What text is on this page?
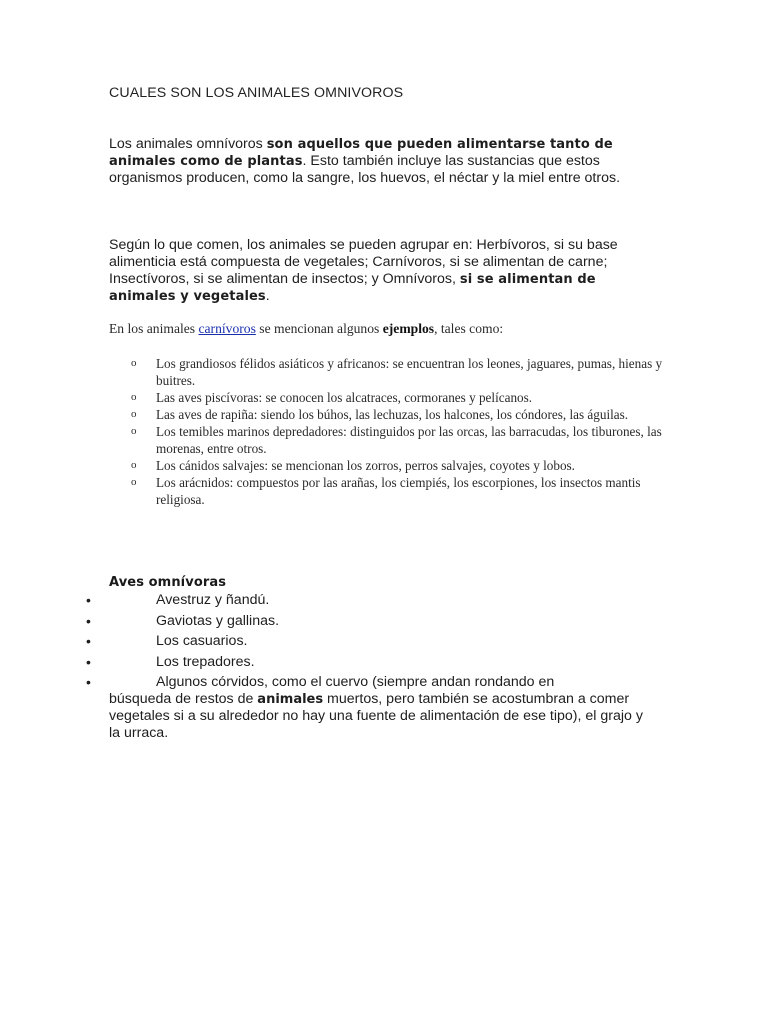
CUALES SON LOS ANIMALES OMNIVOROS
Los animales omnívoros son aquellos que pueden alimentarse tanto de animales como de plantas. Esto también incluye las sustancias que estos organismos producen, como la sangre, los huevos, el néctar y la miel entre otros.
Según lo que comen, los animales se pueden agrupar en: Herbívoros, si su base alimenticia está compuesta de vegetales; Carnívoros, si se alimentan de carne; Insectívoros, si se alimentan de insectos; y Omnívoros, si se alimentan de animales y vegetales.
En los animales carnívoros se mencionan algunos ejemplos, tales como:
o Los grandiosos félidos asiáticos y africanos: se encuentran los leones, jaguares, pumas, hienas y buitres.
o Las aves piscívoras: se conocen los alcatraces, cormoranes y pelícanos.
o Las aves de rapiña: siendo los búhos, las lechuzas, los halcones, los cóndores, las águilas.
o Los temibles marinos depredadores: distinguidos por las orcas, las barracudas, los tiburones, las morenas, entre otros.
o Los cánidos salvajes: se mencionan los zorros, perros salvajes, coyotes y lobos.
o Los arácnidos: compuestos por las arañas, los ciempiés, los escorpiones, los insectos mantis religiosa.
Aves omnívoras
•	Avestruz y ñandú.
•	Gaviotas y gallinas.
•	Los casuarios.
•	Los trepadores.
•	Algunos córvidos, como el cuervo (siempre andan rondando en
búsqueda de restos de animales muertos, pero también se acostumbran a comer vegetales si a su alrededor no hay una fuente de alimentación de ese tipo), el grajo y la urraca.
